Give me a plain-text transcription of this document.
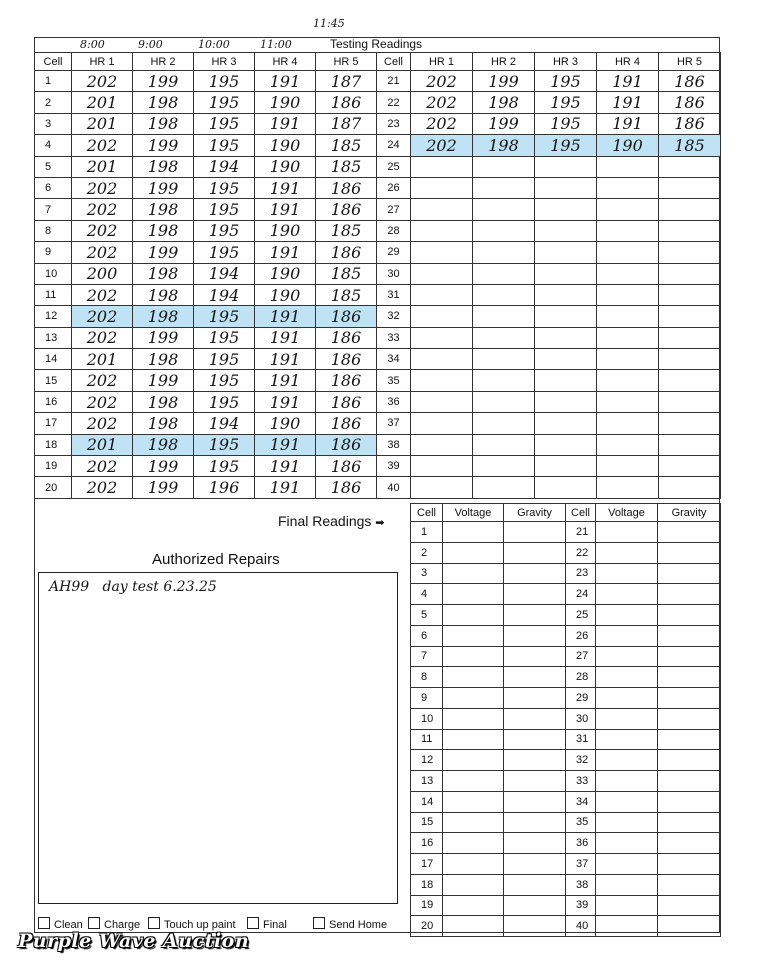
8:00	9:00	10:00	11:00
11:45
Testing Readings
Cell	HR 1	HR 2	HR 3	HR 4	HR 5
1	202	199	195	191	187
2	201	198	195	190	186
3	201	198	195	191	187
4	202	199	195	190	185
5	201	198	194	190	185
6	202	199	195	191	186
7	202	198	195	191	186
8	202	198	195	190	185
9	202	199	195	191	186
10	200	198	194	190	185
11	202	198	194	190	185
12	202	198	195	191	186
13	202	199	195	191	186
14	201	198	195	191	186
15	202	199	195	191	186
16	202	198	195	191	186
17	202	198	194	190	186
18	201	198	195	191	186
19	202	199	195	191	186
20	202	199	196	191	186
Cell	HR 1	HR 2	HR 3	HR 4	HR 5
21	202	199	195	191	186
22	202	198	195	191	186
23	202	199	195	191	186
24	202	198	195	190	185
25					
26					
27					
28					
29					
30					
31					
32					
33					
34					
35					
36					
37					
38					
39					
40					
Final Readings ➡
Cell	Voltage	Gravity	Cell	Voltage	Gravity
1			21		
2			22		
3			23		
4			24		
5			25		
6			26		
7			27		
8			28		
9			29		
10			30		
11			31		
12			32		
13			33		
14			34		
15			35		
16			36		
17			37		
18			38		
19			39		
20			40		
Authorized Repairs
AH99   day test 6.23.25
Clean	Charge	Touch up paint	Final	Send Home
Purple Wave Auction
